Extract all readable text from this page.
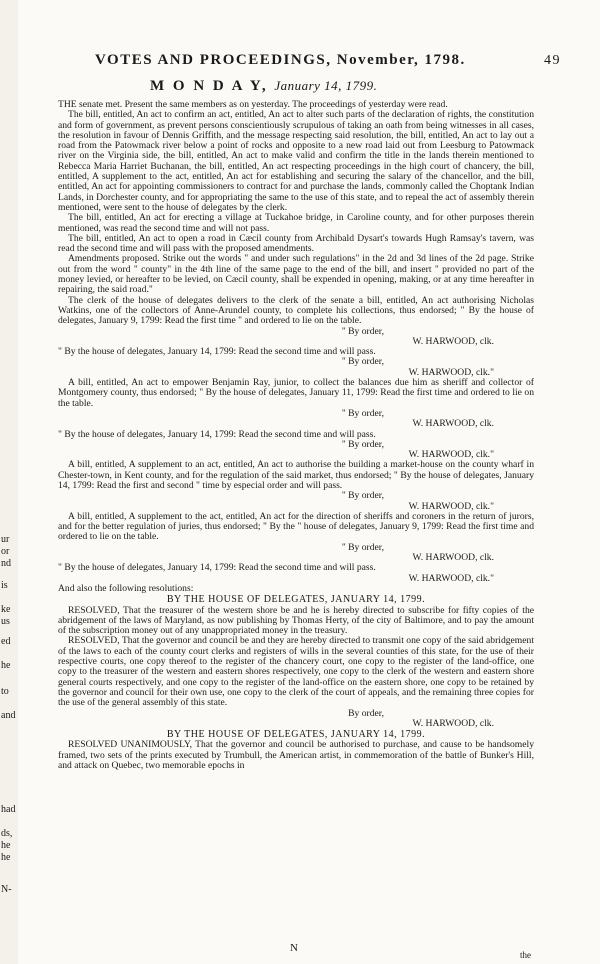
ur
or
nd
is
ke
us
ed
he
to
and
had
ds,
he
he
N-
VOTES AND PROCEEDINGS, November, 1798.	49
M O N D A Y, January 14, 1799.

THE senate met. Present the same members as on yesterday. The proceedings of yesterday were read.

The bill, entitled, An act to confirm an act, entitled, An act to alter such parts of the declaration of rights, the constitution and form of government, as prevent persons conscientiously scrupulous of taking an oath from being witnesses in all cases, the resolution in favour of Dennis Griffith, and the message respecting said resolution, the bill, entitled, An act to lay out a road from the Patowmack river below a point of rocks and opposite to a new road laid out from Leesburg to Patowmack river on the Virginia side, the bill, entitled, An act to make valid and confirm the title in the lands therein mentioned to Rebecca Maria Harriet Buchanan, the bill, entitled, An act respecting proceedings in the high court of chancery, the bill, entitled, A supplement to the act, entitled, An act for establishing and securing the salary of the chancellor, and the bill, entitled, An act for appointing commissioners to contract for and purchase the lands, commonly called the Choptank Indian Lands, in Dorchester county, and for appropriating the same to the use of this state, and to repeal the act of assembly therein mentioned, were sent to the house of delegates by the clerk.

The bill, entitled, An act for erecting a village at Tuckahoe bridge, in Caroline county, and for other purposes therein mentioned, was read the second time and will not pass.

The bill, entitled, An act to open a road in Cæcil county from Archibald Dysart's towards Hugh Ramsay's tavern, was read the second time and will pass with the proposed amendments.

Amendments proposed. Strike out the words " and under such regulations" in the 2d and 3d lines of the 2d page. Strike out from the word " county" in the 4th line of the same page to the end of the bill, and insert " provided no part of the money levied, or hereafter to be levied, on Cæcil county, shall be expended in opening, making, or at any time hereafter in repairing, the said road."

The clerk of the house of delegates delivers to the clerk of the senate a bill, entitled, An act authorising Nicholas Watkins, one of the collectors of Anne-Arundel county, to complete his collections, thus endorsed; " By the house of delegates, January 9, 1799: Read the first time " and ordered to lie on the table.

" By order,
W. HARWOOD, clk.

" By the house of delegates, January 14, 1799: Read the second time and will pass.

" By order,
W. HARWOOD, clk."

A bill, entitled, An act to empower Benjamin Ray, junior, to collect the balances due him as sheriff and collector of Montgomery county, thus endorsed; " By the house of delegates, January 11, 1799: Read the first time and ordered to lie on the table.

" By order,
W. HARWOOD, clk.

" By the house of delegates, January 14, 1799: Read the second time and will pass.

" By order,
W. HARWOOD, clk."

A bill, entitled, A supplement to an act, entitled, An act to authorise the building a market-house on the county wharf in Chester-town, in Kent county, and for the regulation of the said market, thus endorsed; " By the house of delegates, January 14, 1799: Read the first and second " time by especial order and will pass.

" By order,
W. HARWOOD, clk."

A bill, entitled, A supplement to the act, entitled, An act for the direction of sheriffs and coroners in the return of jurors, and for the better regulation of juries, thus endorsed; " By the " house of delegates, January 9, 1799: Read the first time and ordered to lie on the table.

" By order,
W. HARWOOD, clk.

" By the house of delegates, January 14, 1799: Read the second time and will pass.

W. HARWOOD, clk."

And also the following resolutions:

BY THE HOUSE OF DELEGATES, JANUARY 14, 1799.

RESOLVED, That the treasurer of the western shore be and he is hereby directed to subscribe for fifty copies of the abridgement of the laws of Maryland, as now publishing by Thomas Herty, of the city of Baltimore, and to pay the amount of the subscription money out of any unappropriated money in the treasury.

RESOLVED, That the governor and council be and they are hereby directed to transmit one copy of the said abridgement of the laws to each of the county court clerks and registers of wills in the several counties of this state, for the use of their respective courts, one copy thereof to the register of the chancery court, one copy to the register of the land-office, one copy to the treasurer of the western and eastern shores respectively, one copy to the clerk of the western and eastern shore general courts respectively, and one copy to the register of the land-office on the eastern shore, one copy to be retained by the governor and council for their own use, one copy to the clerk of the court of appeals, and the remaining three copies for the use of the general assembly of this state.

By order,
W. HARWOOD, clk.
BY THE HOUSE OF DELEGATES, JANUARY 14, 1799.

RESOLVED UNANIMOUSLY, That the governor and council be authorised to purchase, and cause to be handsomely framed, two sets of the prints executed by Trumbull, the American artist, in commemoration of the battle of Bunker's Hill, and attack on Quebec, two memorable epochs in

N
the
